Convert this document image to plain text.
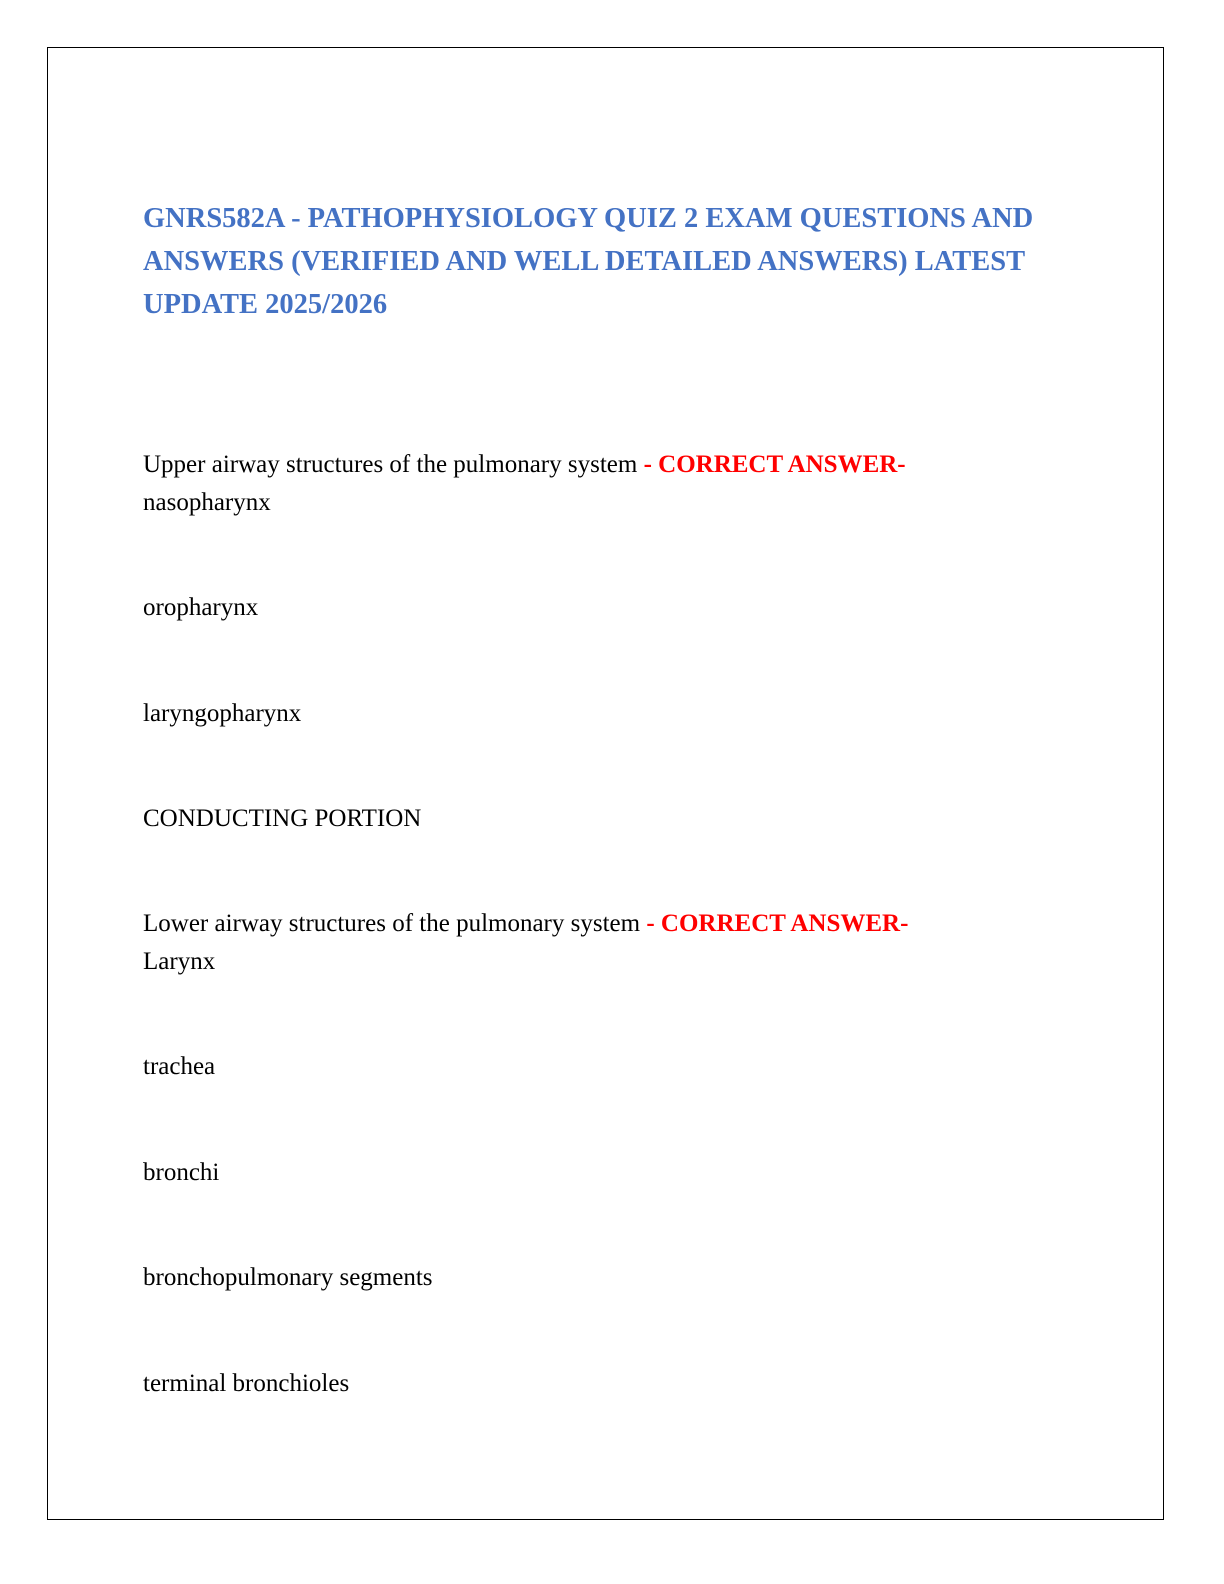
GNRS582A - PATHOPHYSIOLOGY QUIZ 2 EXAM QUESTIONS AND ANSWERS (VERIFIED AND WELL DETAILED ANSWERS) LATEST UPDATE 2025/2026

Upper airway structures of the pulmonary system - CORRECT ANSWER-

nasopharynx

oropharynx

laryngopharynx

CONDUCTING PORTION

Lower airway structures of the pulmonary system - CORRECT ANSWER-

Larynx

trachea

bronchi

bronchopulmonary segments

terminal bronchioles
